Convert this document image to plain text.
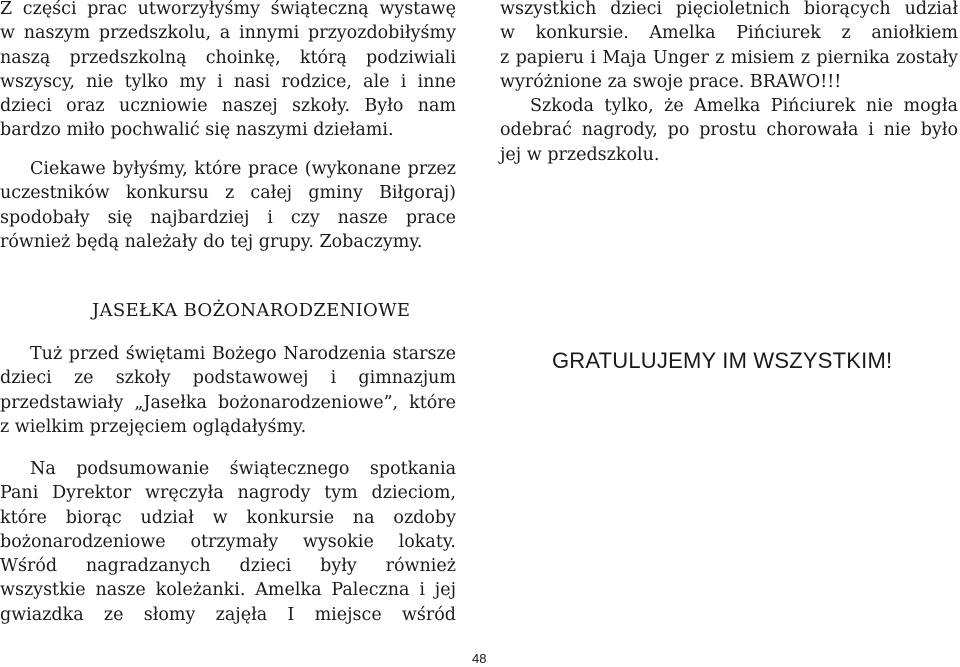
Z części prac utworzyłyśmy świąteczną wystawę
w naszym przedszkolu, a innymi przyozdobiłyśmy
naszą przedszkolną choinkę, którą podziwiali
wszyscy, nie tylko my i nasi rodzice, ale i inne
dzieci oraz uczniowie naszej szkoły. Było nam
bardzo miło pochwalić się naszymi dziełami.

Ciekawe byłyśmy, które prace (wykonane przez
uczestników konkursu z całej gminy Biłgoraj)
spodobały się najbardziej i czy nasze prace
również będą należały do tej grupy. Zobaczymy.

JASEŁKA BOŻONARODZENIOWE

Tuż przed świętami Bożego Narodzenia starsze
dzieci ze szkoły podstawowej i gimnazjum
przedstawiały „Jasełka bożonarodzeniowe”, które
z wielkim przejęciem oglądałyśmy.

Na podsumowanie świątecznego spotkania
Pani Dyrektor wręczyła nagrody tym dzieciom,
które biorąc udział w konkursie na ozdoby
bożonarodzeniowe otrzymały wysokie lokaty.
Wśród nagradzanych dzieci były również
wszystkie nasze koleżanki. Amelka Paleczna i jej
gwiazdka ze słomy zajęła I miejsce wśród

wszystkich dzieci pięcioletnich biorących udział
w konkursie. Amelka Pińciurek z aniołkiem
z papieru i Maja Unger z misiem z piernika zostały
wyróżnione za swoje prace. BRAWO!!!

Szkoda tylko, że Amelka Pińciurek nie mogła
odebrać nagrody, po prostu chorowała i nie było
jej w przedszkolu.

GRATULUJEMY IM WSZYSTKIM!
48
